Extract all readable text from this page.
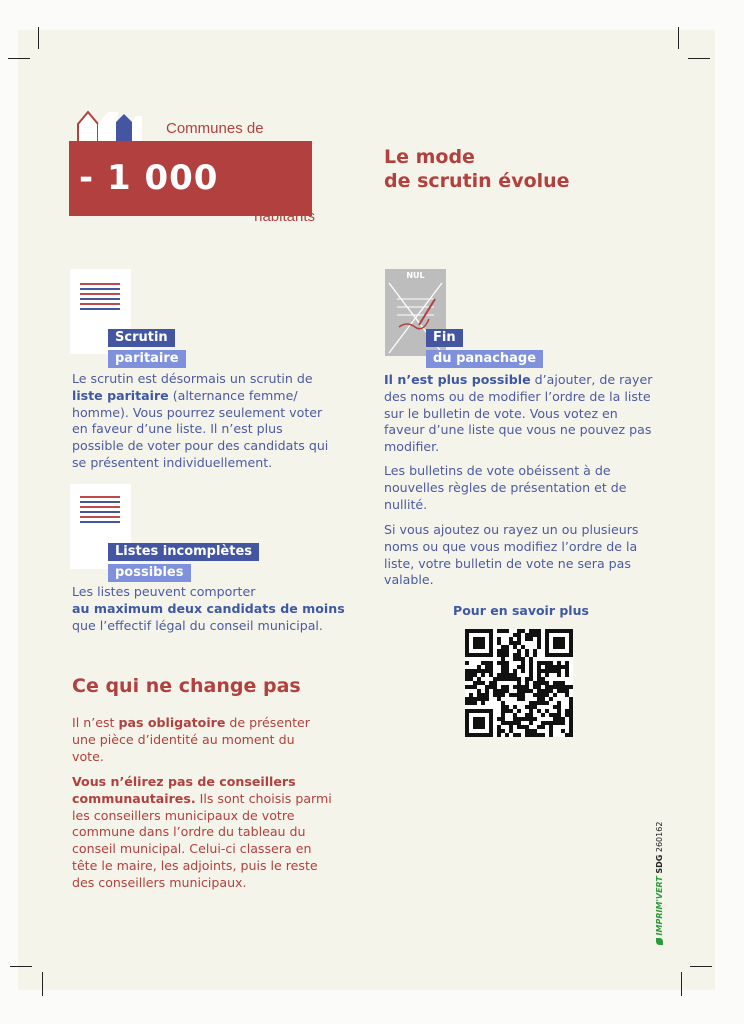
Communes de
- 1 000
habitants
Le mode
de scrutin évolue
Scrutin
paritaire
Le scrutin est désormais un scrutin de liste paritaire (alternance femme/ homme). Vous pourrez seulement voter en faveur d’une liste. Il n’est plus possible de voter pour des candidats qui se présentent individuellement.
Listes incomplètes
possibles
Les listes peuvent comporter
au maximum deux candidats de moins
que l’effectif légal du conseil municipal.
Ce qui ne change pas
Il n’est pas obligatoire de présenter une pièce d’identité au moment du vote.
Vous n’élirez pas de conseillers communautaires. Ils sont choisis parmi les conseillers municipaux de votre commune dans l’ordre du tableau du conseil municipal. Celui-ci classera en tête le maire, les adjoints, puis le reste des conseillers municipaux.
NUL
Fin
du panachage
Il n’est plus possible d’ajouter, de rayer des noms ou de modifier l’ordre de la liste sur le bulletin de vote. Vous votez en faveur d’une liste que vous ne pouvez pas modifier.
Les bulletins de vote obéissent à de nouvelles règles de présentation et de nullité.
Si vous ajoutez ou rayez un ou plusieurs noms ou que vous modifiez l’ordre de la liste, votre bulletin de vote ne sera pas valable.
Pour en savoir plus
IMPRIM'VERT SDG 260162
